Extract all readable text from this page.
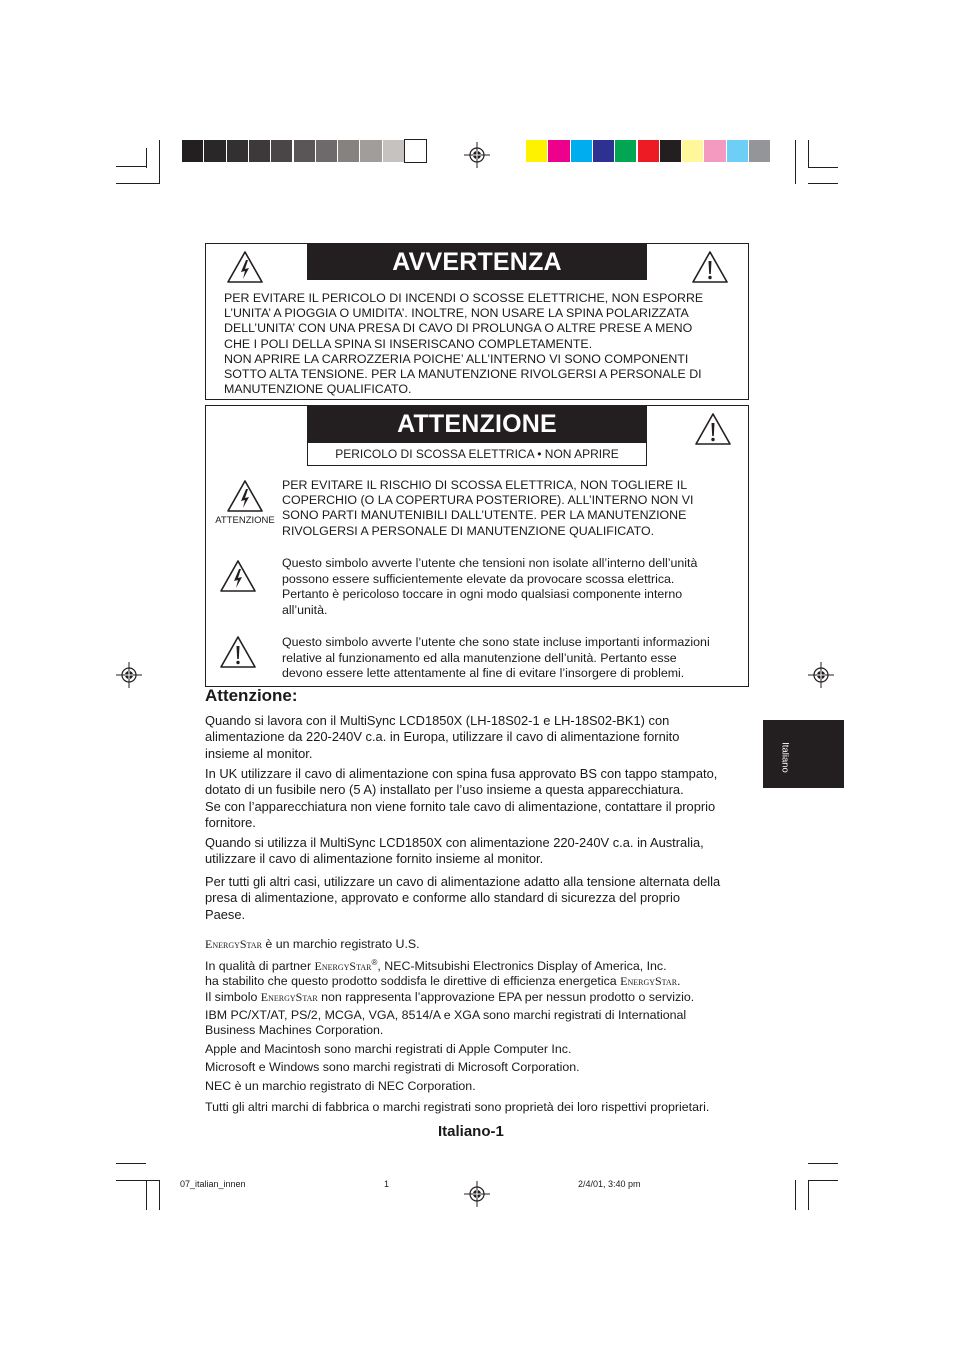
AVVERTENZA
PER EVITARE IL PERICOLO DI INCENDI O SCOSSE ELETTRICHE, NON ESPORRE
L’UNITA’ A PIOGGIA O UMIDITA’. INOLTRE, NON USARE LA SPINA POLARIZZATA
DELL’UNITA’ CON UNA PRESA DI CAVO DI PROLUNGA O ALTRE PRESE A MENO
CHE I POLI DELLA SPINA SI INSERISCANO COMPLETAMENTE.
NON APRIRE LA CARROZZERIA POICHE’ ALL’INTERNO VI SONO COMPONENTI
SOTTO ALTA TENSIONE. PER LA MANUTENZIONE RIVOLGERSI A PERSONALE DI
MANUTENZIONE QUALIFICATO.
ATTENZIONE
PERICOLO DI SCOSSA ELETTRICA • NON APRIRE
ATTENZIONE
PER EVITARE IL RISCHIO DI SCOSSA ELETTRICA, NON TOGLIERE IL
COPERCHIO (O LA COPERTURA POSTERIORE). ALL’INTERNO NON VI
SONO PARTI MANUTENIBILI DALL’UTENTE. PER LA MANUTENZIONE
RIVOLGERSI A PERSONALE DI MANUTENZIONE QUALIFICATO.
Questo simbolo avverte l’utente che tensioni non isolate all’interno dell’unità
possono essere sufficientemente elevate da provocare scossa elettrica.
Pertanto è pericoloso toccare in ogni modo qualsiasi componente interno
all’unità.
Questo simbolo avverte l’utente che sono state incluse importanti informazioni
relative al funzionamento ed alla manutenzione dell’unità. Pertanto esse
devono essere lette attentamente al fine di evitare l’insorgere di problemi.
Attenzione:
Quando si lavora con il MultiSync LCD1850X (LH-18S02-1 e LH-18S02-BK1) con
alimentazione da 220-240V c.a. in Europa, utilizzare il cavo di alimentazione fornito
insieme al monitor.
In UK utilizzare il cavo di alimentazione con spina fusa approvato BS con tappo stampato,
dotato di un fusibile nero (5 A) installato per l’uso insieme a questa apparecchiatura.
Se con l’apparecchiatura non viene fornito tale cavo di alimentazione, contattare il proprio
fornitore.
Quando si utilizza il MultiSync LCD1850X con alimentazione 220-240V c.a. in Australia,
utilizzare il cavo di alimentazione fornito insieme al monitor.
Per tutti gli altri casi, utilizzare un cavo di alimentazione adatto alla tensione alternata della
presa di alimentazione, approvato e conforme allo standard di sicurezza del proprio
Paese.
EnergyStar è un marchio registrato U.S.
In qualità di partner EnergyStar®, NEC-Mitsubishi Electronics Display of America, Inc.
ha stabilito che questo prodotto soddisfa le direttive di efficienza energetica EnergyStar.
Il simbolo EnergyStar non rappresenta l’approvazione EPA per nessun prodotto o servizio.
IBM PC/XT/AT, PS/2, MCGA, VGA, 8514/A e XGA sono marchi registrati di International
Business Machines Corporation.
Apple and Macintosh sono marchi registrati di Apple Computer Inc.
Microsoft e Windows sono marchi registrati di Microsoft Corporation.
NEC è un marchio registrato di NEC Corporation.
Tutti gli altri marchi di fabbrica o marchi registrati sono proprietà dei loro rispettivi proprietari.
Italiano-1
Italiano
07_italian_innen	1	2/4/01, 3:40 pm
